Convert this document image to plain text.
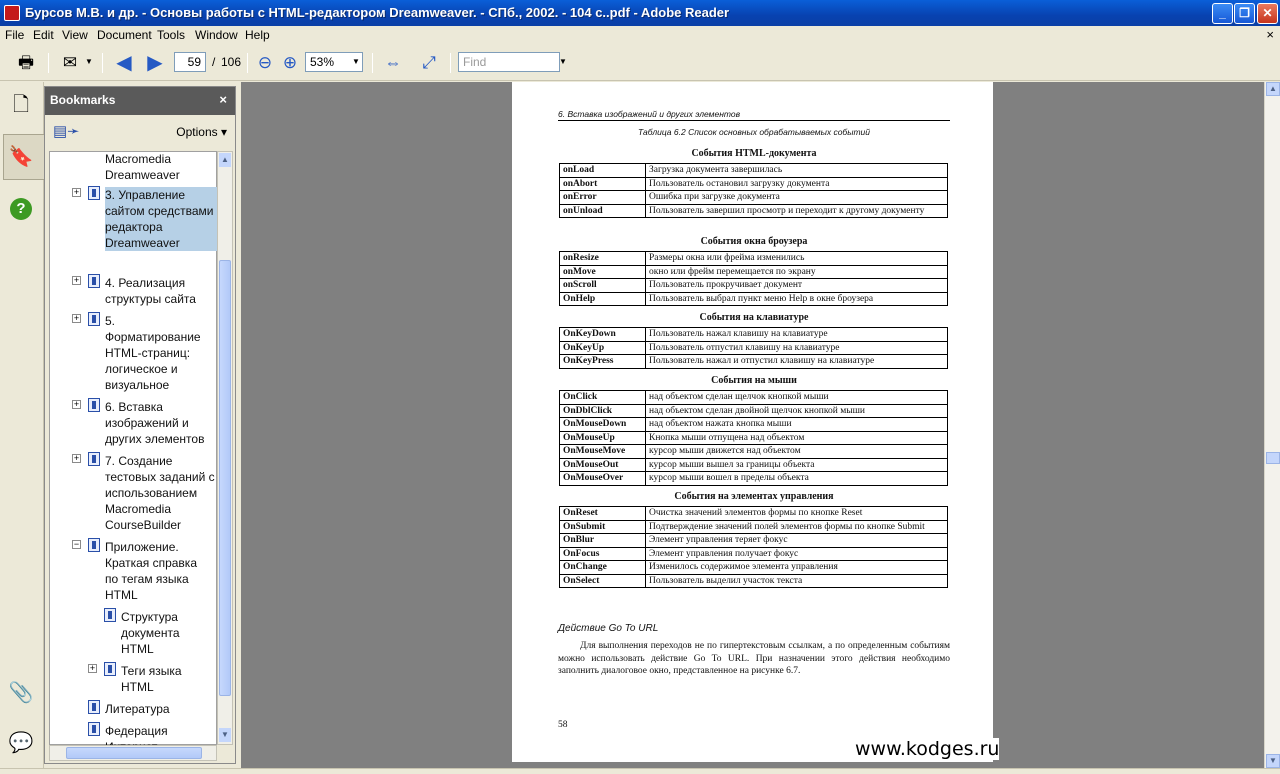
Бурсов М.В. и др. - Основы работы с HTML-редактором Dreamweaver. - СПб., 2002. - 104 с..pdf - Adobe Reader	_	❐	✕
File Edit View Document Tools Window Help	×
🖶 ✉ ▼ ◀ ▶	59 / 106 ⊖ ⊕	53%	▼ ⇔	⤢	Find	▼
🗋
🔖
?
📎
💬
Bookmarks	×
▤➛	Options ▾
Macromedia Dreamweaver
+ 3. Управление сайтом средствами редактора Dreamweaver
+ 4. Реализация структуры сайта
+ 5. Форматирование HTML-страниц: логическое и визуальное
+ 6. Вставка изображений и других элементов
+ 7. Создание тестовых заданий с использованием Macromedia CourseBuilder
− Приложение. Краткая справка по тегам языка HTML
Структура документа HTML
+ Теги языка HTML
Литература
Федерация
▲
▼
6. Вставка изображений и других элементов
Таблица 6.2 Список основных обрабатываемых событий
События HTML-документа
onLoad	Загрузка документа завершилась
onAbort	Пользователь остановил загрузку документа
onError	Ошибка при загрузке документа
onUnload	Пользователь завершил просмотр и переходит к другому документу
События окна броузера
onResize	Размеры окна или фрейма изменились
onMove	окно или фрейм перемещается по экрану
onScroll	Пользователь прокручивает документ
OnHelp	Пользователь выбрал пункт меню Help в окне броузера
События на клавиатуре
OnKeyDown	Пользователь нажал клавишу на клавиатуре
OnKeyUp	Пользователь отпустил клавишу на клавиатуре
OnKeyPress	Пользователь нажал и отпустил клавишу на клавиатуре
События на мыши
OnClick	над объектом сделан щелчок кнопкой мыши
OnDblClick	над объектом сделан двойной щелчок кнопкой мыши
OnMouseDown	над объектом нажата кнопка мыши
OnMouseUp	Кнопка мыши отпущена над объектом
OnMouseMove	курсор мыши движется над объектом
OnMouseOut	курсор мыши вышел за границы объекта
OnMouseOver	курсор мыши вошел в пределы объекта
События на элементах управления
OnReset	Очистка значений элементов формы по кнопке Reset
OnSubmit	Подтверждение значений полей элементов формы по кнопке Submit
OnBlur	Элемент управления теряет фокус
OnFocus	Элемент управления получает фокус
OnChange	Изменилось содержимое элемента управления
OnSelect	Пользователь выделил участок текста
Действие Go To URL
Для выполнения переходов не по гипертекстовым ссылкам, а по определенным событиям можно использовать действие Go To URL. При назначении этого действия необходимо заполнить диалоговое окно, представленное на рисунке 6.7.
58
www.kodges.ru
▲
▼
